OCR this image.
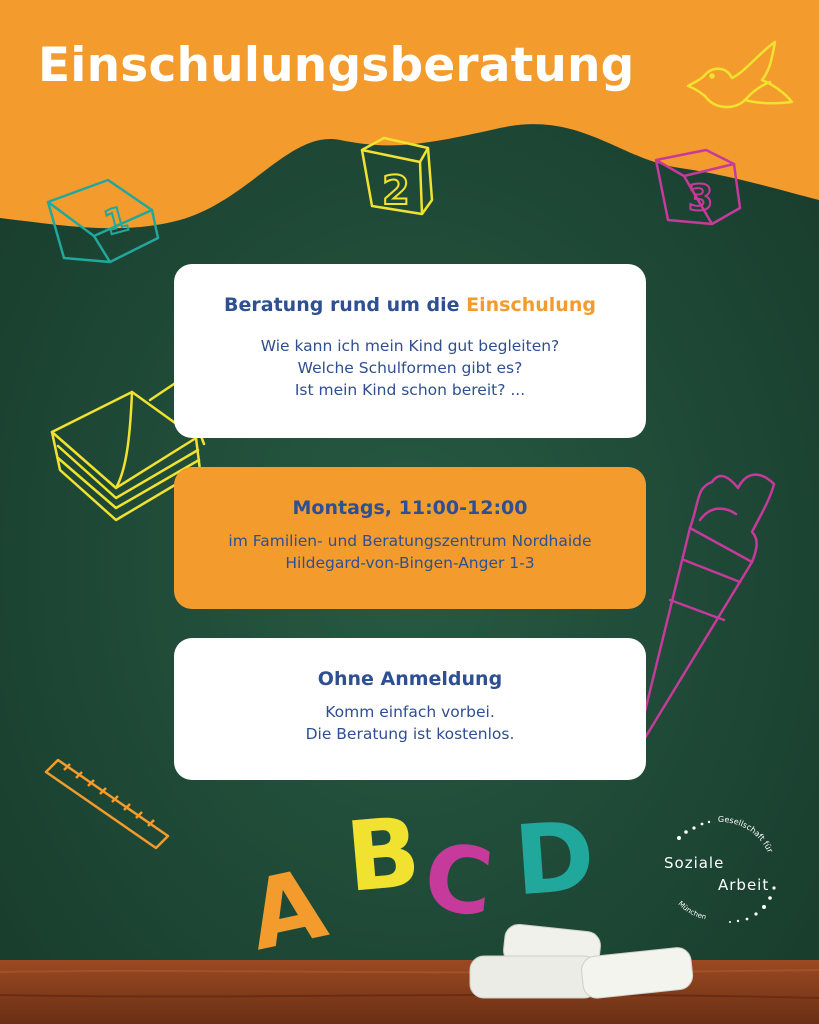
1
2	3
A B
C D
Einschulungsberatung
Beratung rund um die Einschulung

Wie kann ich mein Kind gut begleiten?
Welche Schulformen gibt es?
Ist mein Kind schon bereit? ...

Montags, 11:00-12:00

im Familien- und Beratungszentrum Nordhaide
Hildegard-von-Bingen-Anger 1-3

Ohne Anmeldung

Komm einfach vorbei.
Die Beratung ist kostenlos.

Gesellschaft für
München
Soziale
Arbeit
